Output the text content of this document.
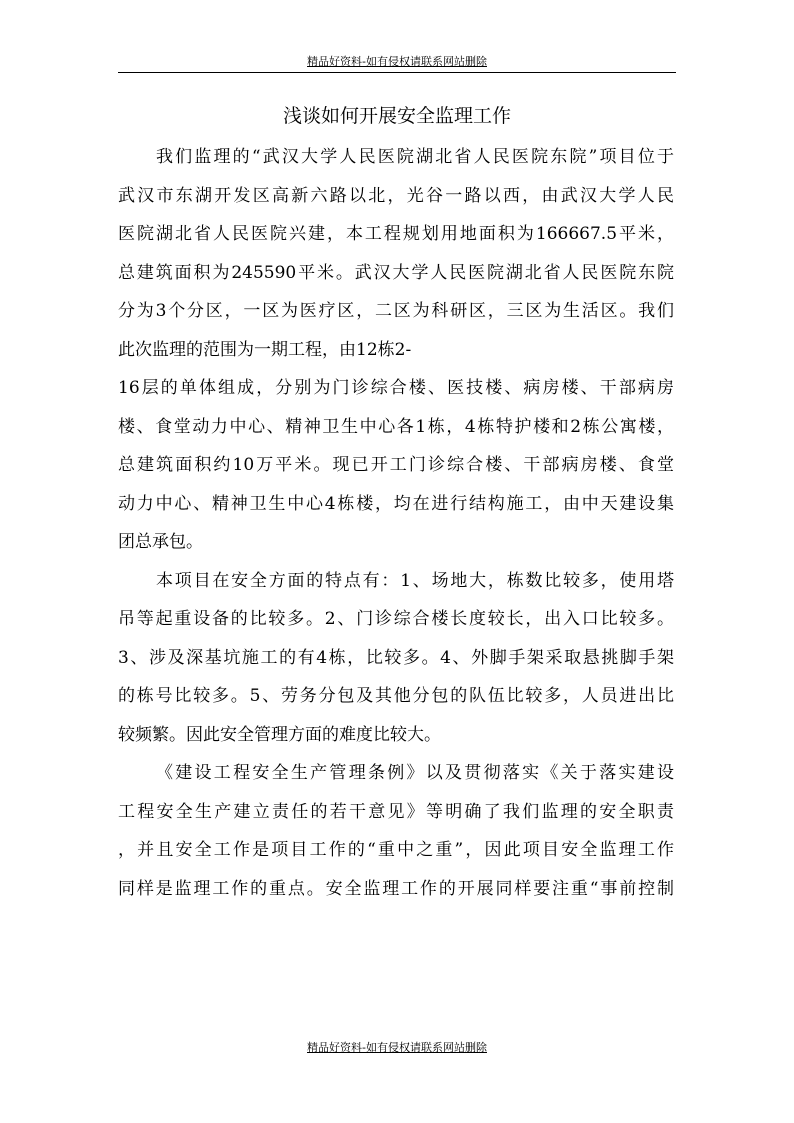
精品好资料-如有侵权请联系网站删除
浅谈如何开展安全监理工作
我们监理的“武汉大学人民医院湖北省人民医院东院”项目位于
武汉市东湖开发区高新六路以北，光谷一路以西，由武汉大学人民
医院湖北省人民医院兴建，本工程规划用地面积为166667.5平米，
总建筑面积为245590平米。武汉大学人民医院湖北省人民医院东院
分为3个分区，一区为医疗区，二区为科研区，三区为生活区。我们
此次监理的范围为一期工程，由12栋2-
16层的单体组成，分别为门诊综合楼、医技楼、病房楼、干部病房
楼、食堂动力中心、精神卫生中心各1栋，4栋特护楼和2栋公寓楼，
总建筑面积约10万平米。现已开工门诊综合楼、干部病房楼、食堂
动力中心、精神卫生中心4栋楼，均在进行结构施工，由中天建设集
团总承包。
本项目在安全方面的特点有：1、场地大，栋数比较多，使用塔
吊等起重设备的比较多。2、门诊综合楼长度较长，出入口比较多。
3、涉及深基坑施工的有4栋，比较多。4、外脚手架采取悬挑脚手架
的栋号比较多。5、劳务分包及其他分包的队伍比较多，人员进出比
较频繁。因此安全管理方面的难度比较大。
《建设工程安全生产管理条例》以及贯彻落实《关于落实建设
工程安全生产建立责任的若干意见》等明确了我们监理的安全职责
，并且安全工作是项目工作的“重中之重”，因此项目安全监理工作
同样是监理工作的重点。安全监理工作的开展同样要注重“事前控制
精品好资料-如有侵权请联系网站删除
